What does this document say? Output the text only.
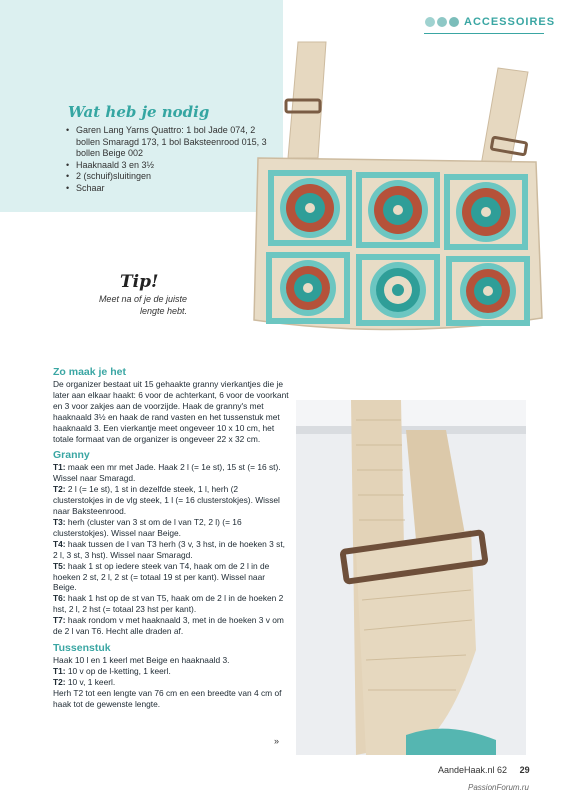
ACCESSOIRES
Wat heb je nodig
• Garen Lang Yarns Quattro: 1 bol Jade 074, 2 bollen Smaragd 173, 1 bol Baksteenrood 015, 3 bollen Beige 002
• Haaknaald 3 en 3½
• 2 (schuif)sluitingen
• Schaar
Tip!
Meet na of je de juiste lengte hebt.
Zo maak je het

De organizer bestaat uit 15 gehaakte granny vierkantjes die je later aan elkaar haakt: 6 voor de achterkant, 6 voor de voorkant en 3 voor zakjes aan de voorzijde. Haak de granny's met haaknaald 3½ en haak de rand vasten en het tussenstuk met haaknaald 3. Een vierkantje meet ongeveer 10 x 10 cm, het totale formaat van de organizer is ongeveer 22 x 32 cm.

Granny

T1: maak een mr met Jade. Haak 2 l (= 1e st), 15 st (= 16 st). Wissel naar Smaragd.

T2: 2 l (= 1e st), 1 st in dezelfde steek, 1 l, herh (2 clusterstokjes in de vlg steek, 1 l (= 16 clusterstokjes). Wissel naar Baksteenrood.

T3: herh (cluster van 3 st om de l van T2, 2 l) (= 16 clusterstokjes). Wissel naar Beige.

T4: haak tussen de l van T3 herh (3 v, 3 hst, in de hoeken 3 st, 2 l, 3 st, 3 hst). Wissel naar Smaragd.

T5: haak 1 st op iedere steek van T4, haak om de 2 l in de hoeken 2 st, 2 l, 2 st (= totaal 19 st per kant). Wissel naar Beige.

T6: haak 1 hst op de st van T5, haak om de 2 l in de hoeken 2 hst, 2 l, 2 hst (= totaal 23 hst per kant).

T7: haak rondom v met haaknaald 3, met in de hoeken 3 v om de 2 l van T6. Hecht alle draden af.

Tussenstuk

Haak 10 l en 1 keerl met Beige en haaknaald 3.

T1: 10 v op de l-ketting, 1 keerl.

T2: 10 v, 1 keerl.

Herh T2 tot een lengte van 76 cm en een breedte van 4 cm of haak tot de gewenste lengte.

»
AandeHaak.nl 62 29
PassionForum.ru
